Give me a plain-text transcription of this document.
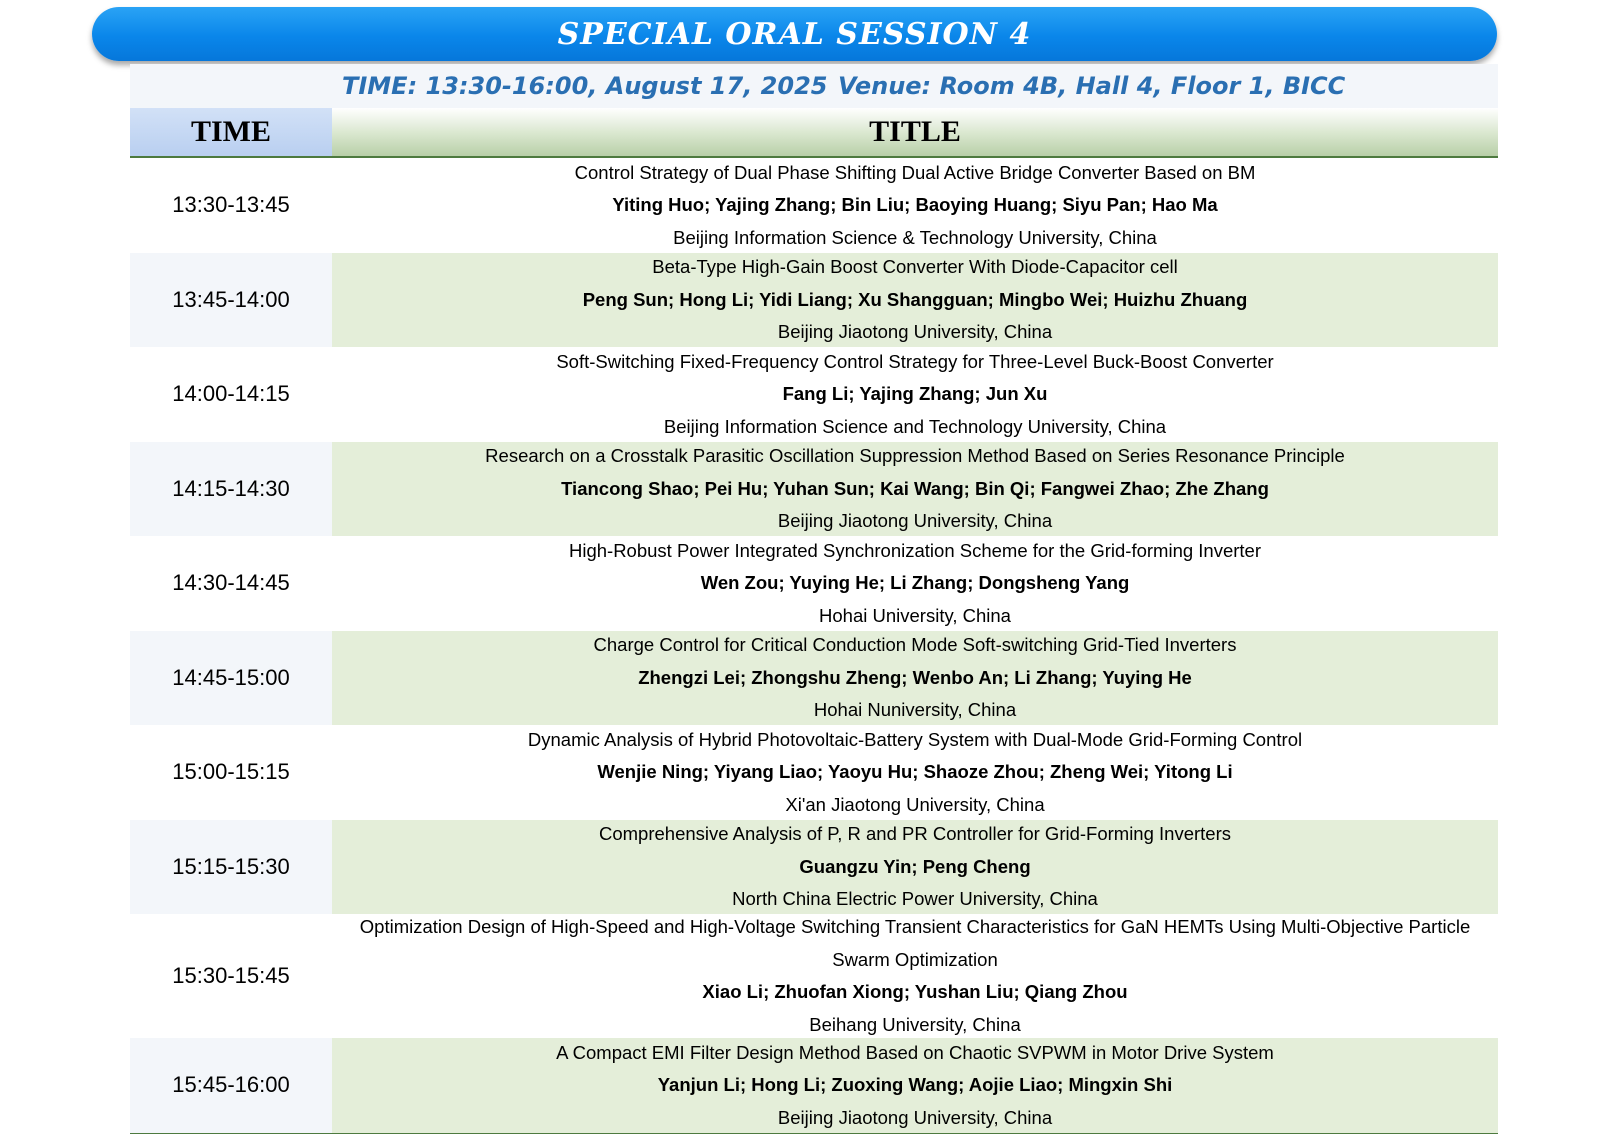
SPECIAL ORAL SESSION 4
TIME: 13:30-16:00, August 17, 2025 Venue: Room 4B, Hall 4, Floor 1, BICC
TIME	TITLE
13:30-13:45
Control Strategy of Dual Phase Shifting Dual Active Bridge Converter Based on BM
Yiting Huo; Yajing Zhang; Bin Liu; Baoying Huang; Siyu Pan; Hao Ma
Beijing Information Science & Technology University, China
13:45-14:00
Beta-Type High-Gain Boost Converter With Diode-Capacitor cell
Peng Sun; Hong Li; Yidi Liang; Xu Shangguan; Mingbo Wei; Huizhu Zhuang
Beijing Jiaotong University, China
14:00-14:15
Soft-Switching Fixed-Frequency Control Strategy for Three-Level Buck-Boost Converter
Fang Li; Yajing Zhang; Jun Xu
Beijing Information Science and Technology University, China
14:15-14:30
Research on a Crosstalk Parasitic Oscillation Suppression Method Based on Series Resonance Principle
Tiancong Shao; Pei Hu; Yuhan Sun; Kai Wang; Bin Qi; Fangwei Zhao; Zhe Zhang
Beijing Jiaotong University, China
14:30-14:45
High-Robust Power Integrated Synchronization Scheme for the Grid-forming Inverter
Wen Zou; Yuying He; Li Zhang; Dongsheng Yang
Hohai University, China
14:45-15:00
Charge Control for Critical Conduction Mode Soft-switching Grid-Tied Inverters
Zhengzi Lei; Zhongshu Zheng; Wenbo An; Li Zhang; Yuying He
Hohai Nuniversity, China
15:00-15:15
Dynamic Analysis of Hybrid Photovoltaic-Battery System with Dual-Mode Grid-Forming Control
Wenjie Ning; Yiyang Liao; Yaoyu Hu; Shaoze Zhou; Zheng Wei; Yitong Li
Xi'an Jiaotong University, China
15:15-15:30
Comprehensive Analysis of P, R and PR Controller for Grid-Forming Inverters
Guangzu Yin; Peng Cheng
North China Electric Power University, China
15:30-15:45
Optimization Design of High-Speed and High-Voltage Switching Transient Characteristics for GaN HEMTs Using Multi-Objective Particle Swarm Optimization
Xiao Li; Zhuofan Xiong; Yushan Liu; Qiang Zhou
Beihang University, China
15:45-16:00
A Compact EMI Filter Design Method Based on Chaotic SVPWM in Motor Drive System
Yanjun Li; Hong Li; Zuoxing Wang; Aojie Liao; Mingxin Shi
Beijing Jiaotong University, China
